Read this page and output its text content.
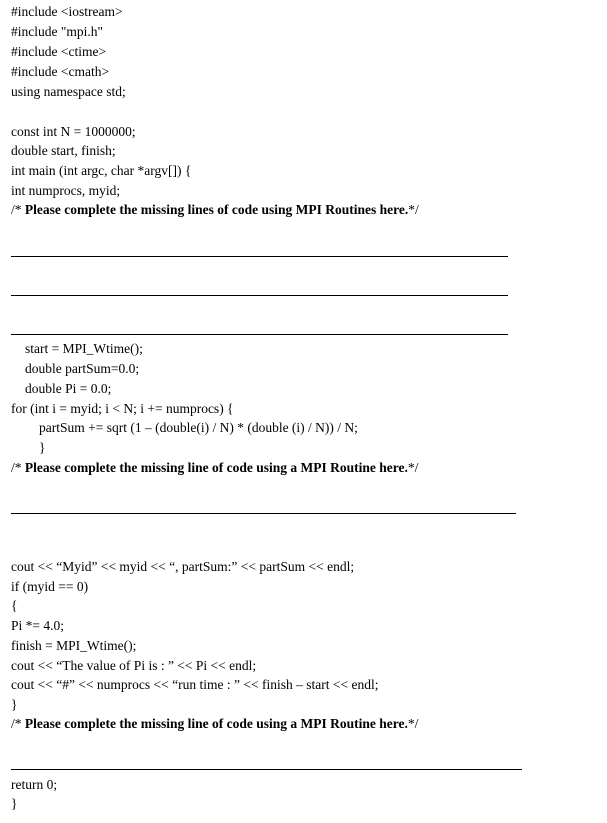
#include <iostream>
#include "mpi.h"
#include <ctime>
#include <cmath>
using namespace std;
const int N = 1000000;
double start, finish;
int main (int argc, char *argv[]) {
int numprocs, myid;
/* Please complete the missing lines of code using MPI Routines here.*/
start = MPI_Wtime();
double partSum=0.0;
double Pi = 0.0;
for (int i = myid; i < N; i += numprocs) {
partSum += sqrt (1 – (double(i) / N) * (double (i) / N)) / N;
}
/* Please complete the missing line of code using a MPI Routine here.*/
cout << “Myid” << myid << “, partSum:” << partSum << endl;
if (myid == 0)
{
Pi *= 4.0;
finish = MPI_Wtime();
cout << “The value of Pi is : ” << Pi << endl;
cout << “#” << numprocs << “run time : ” << finish – start << endl;
}
/* Please complete the missing line of code using a MPI Routine here.*/
return 0;
}
